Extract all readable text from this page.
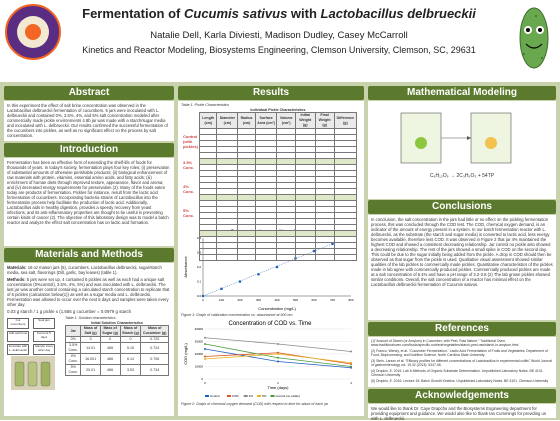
Fermentation of Cucumis sativus with Lactobacillus delbrueckii
Natalie Dell, Karla Diviesti, Madison Dudley, Casey McCarroll
Kinetics and Reactor Modeling, Biosystems Engineering, Clemson University, Clemson, SC, 29631
Abstract

In this experiment the effect of salt brine concentration was observed in the Lactobacillus delbrueckii fermentation of cucumbers. 5 jars were inoculated with L. delbrueckii and contained 0%, 3.5%, 4%, and 5% salt concentration modeled after commercially made pickle environments 4.8b jar was made with a starch/sugar media and inoculated with L. delbrueckii. Our results confirmed the successful fermentation of the cucumbers into pickles, as well as no significant effect on the process by salt concentration.

Introduction

Fermentation has been an effective form of extending the shelf-life of foods for thousands of years. In today's society, fermentation plays four key roles; (i) preservation of substantial amounts of otherwise perishable products; (ii) biological enhancement of raw materials with protein, vitamins, essential amino acids, and fatty acids; (iii) enrichment of human diets through improved texture, appearance, flavor and aroma; and (iv) decreased energy requirements for preservation (2). Many of the foods eaten today are products of fermentation. Pickles for instance, result from the lactic acid fermentation of cucumbers. Incorporating bacteria strains of Lactobacillus into the fermentation process help facilitate the production of lactic acid. Additionally, Lactobacillus aids in healthy digestion, provides a speedy recovery from yeast infections, and its anti-inflammatory properties are thought to be useful in preventing certain kinds of cancer (2). The objective of this laboratory design was to model a batch reactor and analyze the effect salt concentration has on lactic acid formation.

Materials and Methods

Materials: 16 oz mason jars (5), cucumbers, Lactobacillus delbrueckii, sugar/starch media, sea salt, flavorings (Dill, garlic, bay leaves) (table 1).

Methods: 5 jars were set up, 4 contained 6 pickles as well as each had a unique salt concentration (0%control), 3.5%, 4%, 5%) and was inoculated with L. delbrueckii. The last jar was another control containing a calculated starch concentration to replicate that of 6 pickles (calculation below(1)) as well as a sugar media and L. delbrueckii. Fermentation was allowed to occur over the next 5 days and samples were taken every other day.

0.03 g starch / 1 g pickle x (1.665 g cucumber = 0.0979 g starch

Cut cucumbers
Add salt brine
Inoculate with L. delbrueckii
Seal jars
Ferment 5 days
Sample every other day
Table 1: Solution characteristics
Initial Solution Characteristics
Jar	Mass of Salt (g)	Mass of Sugar (g)	Mass of Starch (g)	Mass of Cucumber (g)
0%	0	0	0	0.720
3.5% Conc.	14.01	466	5.15	0.724
4% Conc.	16.001	466	6.14	0.706
5% Conc.	20.01	466	3.53	0.734
Results
Table 1: Pickle Characteristics
Control (with pickles)
3.5% Conc.
4% Conc.
5% Conc.
Individual Pickle Characteristics
Length (cm)	Diameter (cm)	Radius (cm)	Surface Area (cm²)	Volume (cm³)	Initial Weight (g)	Final Weight (g)	Difference (g)

Concentration vs. Absorbance
0	100	200	300	400	500	600	700	800
0.0
0.1
0.2
0.3
0.4
Concentration (mg/L)
Absorbance
Figure 1: Graph of calibration concentration vs. absorbance at 600 nm
Concentration of COD vs. Time
0
10000
20000
30000
40000
0	2	4
Time (days)
COD (mg/L)
Control	3.5%	4%	5%	Control (no pickle)
Figure 2: Graph of chemical oxygen demand (COD) with respect to time for about of each jar
Mathematical Modeling
C₆H₁₂O₆ → 2C₃H₆O₃ + 54TP
Conclusions

In conclusion, the salt concentration in the jars had little or no effect on the pickling fermentation process, this was concluded through the COD test. The COD, chemical oxygen demand, is an indicator of the amount of energy present in a system. In our batch fermentation reactor with L. delbrueckii, as the substrate (the starch and sugar media) is converted to lactic acid, less energy becomes available, therefore less COD. It was observed in Figure 2 that jar 4% maintained the highest COD and showed a consistent decreasing relationship. Jar control no pickle also showed a decreasing relationship. The rest of the jars showed a small spike in COD on the second day. This could be due to the sugar initially being added from the pickle. A drop in COD should then be observed as that sugar from the pickle is used. Qualitative visual assessment showed similar qualities of the lab pickles to commercially made pickles. Quantitative characteristics of the pickles made in lab agree with commercially produced pickles. Commercially produced pickles are made at a salt concentration of 5.4% and have a pH range of 3.2-3.8 (2) The lab grown pickles showed similar conditions. Overall, the salt concentration of a reactor has minimal effect on the Lactobacillus delbrueckii fermentation of Cucumis sativus.

References

(1)"Amount of Starch (or Amylum) in Cucumber, with Peel, Raw Nature." Traditional Oven. www.traditionaloven.com/foods/specific-nutrient/vegetables/starch-peel-raw/starch-in-amylum.html

(2) Franco, Wendy, et al. "Cucumber Fermentation." Lactic Acid Fermentation of Fruits and Vegetables, Department of Food, Bioprocessing, and Nutrition Science, North Carolina State University.

(3) Stein, Larson et al. "Efficacy profiles for different concentrations of Lactobacillus in experimental colitis" World Journal of gastroenterology vol. 19,32 (2013): 5347-56.

(4) Dropkin, E. 2016. Lab 6-Methods of Organic Substrate Determination. Unpublished Laboratory Notes. BE 4101. Clemson University

(5) Dropkin, E. 2016. Lecture 15: Batch Growth Kinetics. Unpublished Laboratory Notes. BE 4101. Clemson University

Acknowledgements

We would like to thank Dr. Caye Drapcho and the Biosystems Engineering department for providing equipment and guidance. We would also like to thank Ian Cummings for providing us with L. delbrueckii.
